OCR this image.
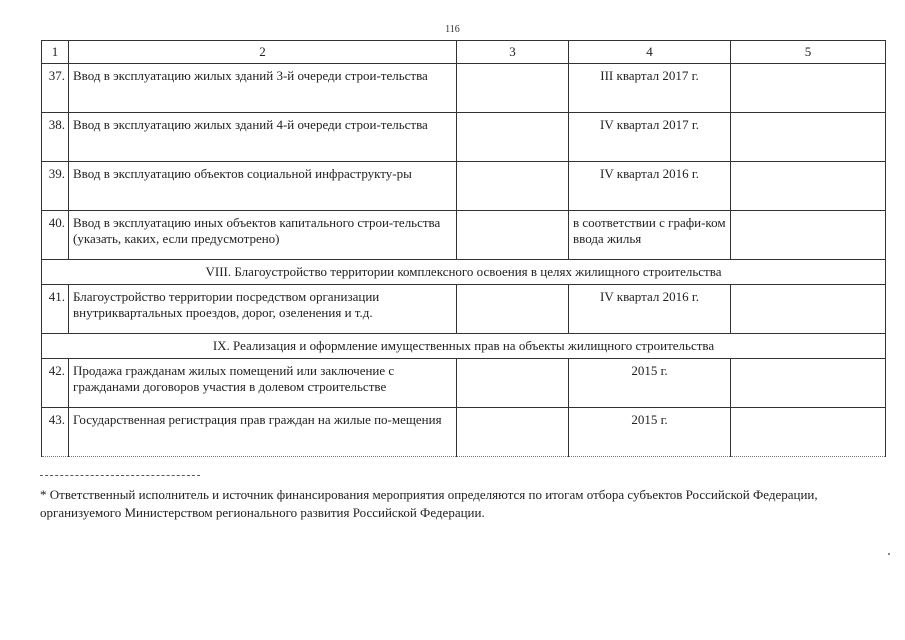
116
1	2	3	4	5
37.	Ввод в эксплуатацию жилых зданий 3-й очереди строи-тельства		III квартал 2017 г.	
38.	Ввод в эксплуатацию жилых зданий 4-й очереди строи-тельства		IV квартал 2017 г.	
39.	Ввод в эксплуатацию объектов социальной инфраструкту-ры		IV квартал 2016 г.	
40.	Ввод в эксплуатацию иных объектов капитального строи-тельства (указать, каких, если предусмотрено)		в соответствии с графи-ком ввода жилья	
VIII. Благоустройство территории комплексного освоения в целях жилищного строительства				
41.	Благоустройство территории посредством организации внутриквартальных проездов, дорог, озеленения и т.д.		IV квартал 2016 г.	
IX. Реализация и оформление имущественных прав на объекты жилищного строительства				
42.	Продажа гражданам жилых помещений или заключение с гражданами договоров участия в долевом строительстве		2015 г.	
43.	Государственная регистрация прав граждан на жилые по-мещения		2015 г.	
* Ответственный исполнитель и источник финансирования мероприятия определяются по итогам отбора субъектов Российской Федерации, организуемого Министерством регионального развития Российской Федерации.
